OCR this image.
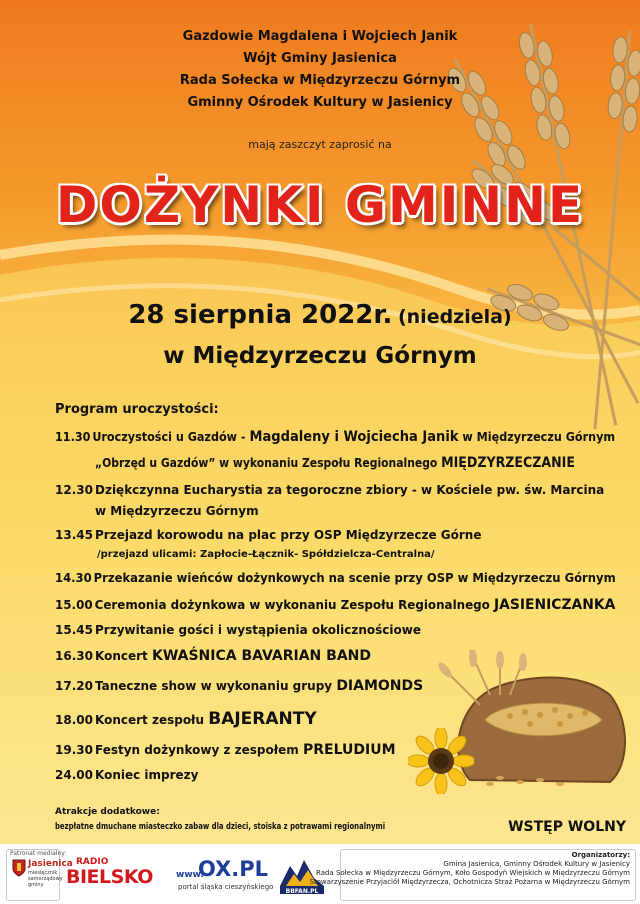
Gazdowie Magdalena i Wojciech Janik
Wójt Gminy Jasienica
Rada Sołecka w Międzyrzeczu Górnym
Gminny Ośrodek Kultury w Jasienicy
mają zaszczyt zaprosić na
DOŻYNKI GMINNE
28 sierpnia 2022r. (niedziela)
w Międzyrzeczu Górnym
Program uroczystości:
11.30 Uroczystości u Gazdów - Magdaleny i Wojciecha Janik w Międzyrzeczu Górnym
„Obrzęd u Gazdów” w wykonaniu Zespołu Regionalnego MIĘDZYRZECZANIE
12.30 Dziękczynna Eucharystia za tegoroczne zbiory - w Kościele pw. św. Marcina
w Międzyrzeczu Górnym
13.45 Przejazd korowodu na plac przy OSP Międzyrzecze Górne
/przejazd ulicami: Zapłocie-Łącznik- Spółdzielcza-Centralna/
14.30 Przekazanie wieńców dożynkowych na scenie przy OSP w Międzyrzeczu Górnym
15.00 Ceremonia dożynkowa w wykonaniu Zespołu Regionalnego JASIENICZANKA
15.45 Przywitanie gości i wystąpienia okolicznościowe
16.30 Koncert KWAŚNICA BAVARIAN BAND
17.20 Taneczne show w wykonaniu grupy DIAMONDS
18.00 Koncert zespołu BAJERANTY
19.30 Festyn dożynkowy z zespołem PRELUDIUM
24.00 Koniec imprezy
Atrakcje dodatkowe:
bezpłatne dmuchane miasteczko zabaw dla dzieci, stoiska z potrawami regionalnymi	WSTĘP WOLNY
Patronat medialny:
Jasienica
miesięcznik samorządowy gminy
RADIO
BIELSKO	www.
OX.PL
portal śląska cieszyńskiego
BBFAN.PL
Organizatorzy:
Gmina Jasienica, Gminny Ośrodek Kultury w Jasienicy
Rada Sołecka w Międzyrzeczu Górnym, Koło Gospodyń Wiejskich w Międzyrzeczu Górnym
Stowarzyszenie Przyjaciół Międzyrzecza, Ochotnicza Straż Pożarna w Międzyrzeczu Górnym
